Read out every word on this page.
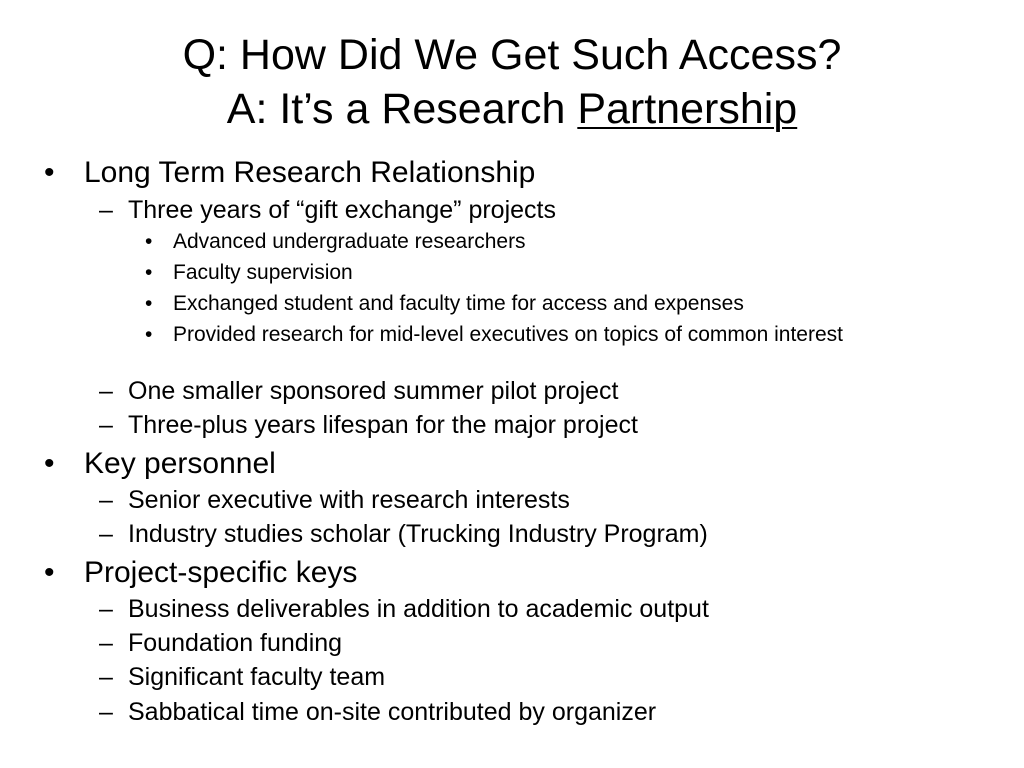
Q: How Did We Get Such Access?
A: It’s a Research Partnership
• Long Term Research Relationship
– Three years of “gift exchange” projects
• Advanced undergraduate researchers
• Faculty supervision
• Exchanged student and faculty time for access and expenses
• Provided research for mid-level executives on topics of common interest
– One smaller sponsored summer pilot project
– Three-plus years lifespan for the major project
• Key personnel
– Senior executive with research interests
– Industry studies scholar (Trucking Industry Program)
• Project-specific keys
– Business deliverables in addition to academic output
– Foundation funding
– Significant faculty team
– Sabbatical time on-site contributed by organizer
